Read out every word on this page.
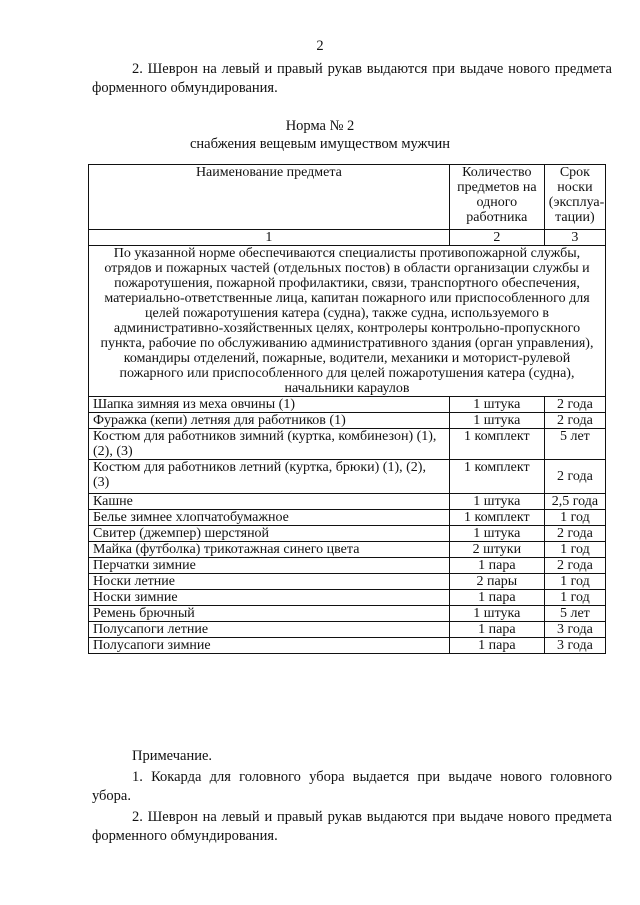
2
2. Шеврон на левый и правый рукав выдаются при выдаче нового предмета форменного обмундирования.
Норма № 2
снабжения вещевым имуществом мужчин
Наименование предмета	Количество предметов на одного работника	Срок носки (эксплуа-тации)
1	2	3
По указанной норме обеспечиваются специалисты противопожарной службы, отрядов и пожарных частей (отдельных постов) в области организации службы и пожаротушения, пожарной профилактики, связи, транспортного обеспечения, материально-ответственные лица, капитан пожарного или приспособленного для целей пожаротушения катера (судна), также судна, используемого в административно-хозяйственных целях, контролеры контрольно-пропускного пункта, рабочие по обслуживанию административного здания (орган управления), командиры отделений, пожарные, водители, механики и моторист-рулевой пожарного или приспособленного для целей пожаротушения катера (судна), начальники караулов		
Шапка зимняя из меха овчины (1)	1 штука	2 года
Фуражка (кепи) летняя для работников (1)	1 штука	2 года
Костюм для работников зимний (куртка, комбинезон) (1), (2), (3)	1 комплект	5 лет
Костюм для работников летний (куртка, брюки) (1), (2), (3)	1 комплект	2 года
Кашне	1 штука	2,5 года
Белье зимнее хлопчатобумажное	1 комплект	1 год
Свитер (джемпер) шерстяной	1 штука	2 года
Майка (футболка) трикотажная синего цвета	2 штуки	1 год
Перчатки зимние	1 пара	2 года
Носки летние	2 пары	1 год
Носки зимние	1 пара	1 год
Ремень брючный	1 штука	5 лет
Полусапоги летние	1 пара	3 года
Полусапоги зимние	1 пара	3 года
Примечание.
1. Кокарда для головного убора выдается при выдаче нового головного убора.
2. Шеврон на левый и правый рукав выдаются при выдаче нового предмета форменного обмундирования.
